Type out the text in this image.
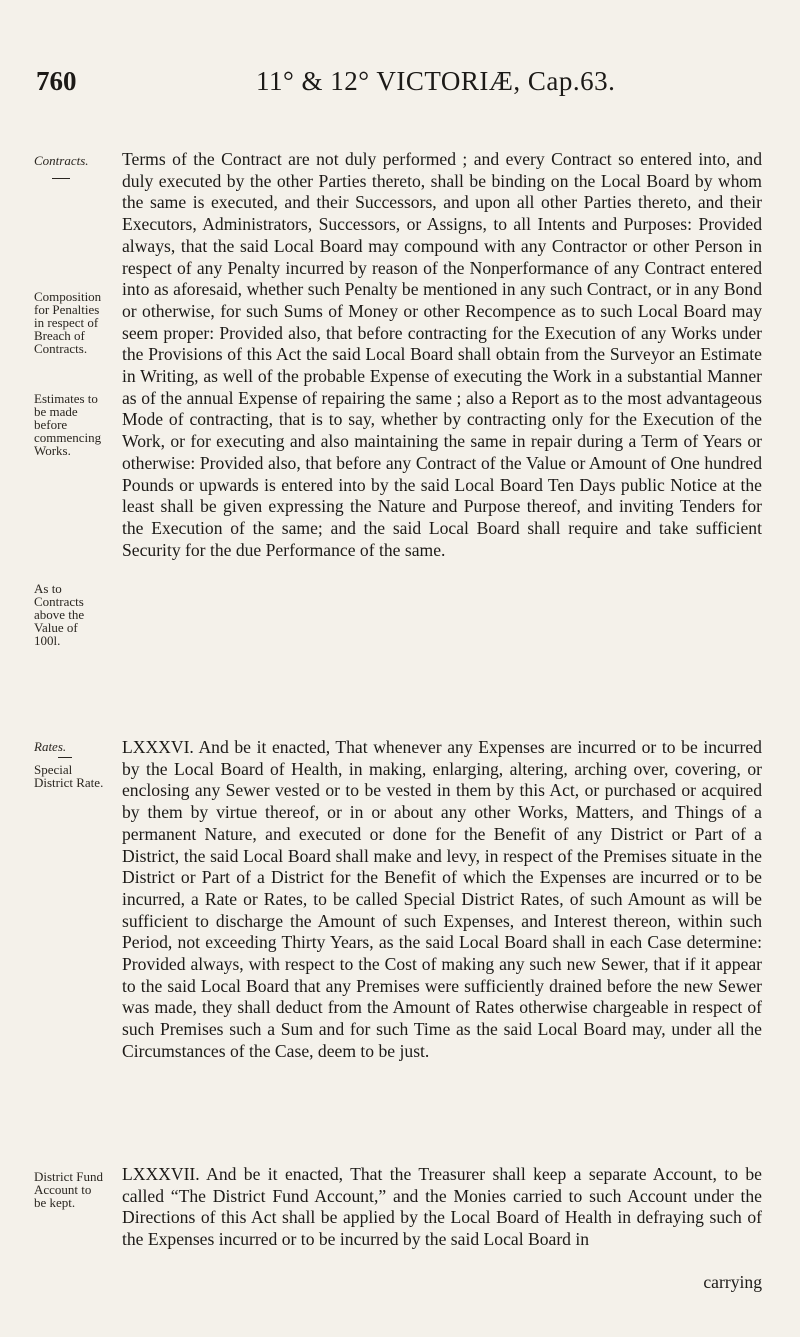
760	11° & 12° VICTORIÆ, Cap.63.
Contracts.
Composition for Penalties in respect of Breach of Contracts.
Estimates to be made before commencing Works.
As to Contracts above the Value of 100l.
Rates.
Special District Rate.
District Fund Account to be kept.

Terms of the Contract are not duly performed ; and every Contract so entered into, and duly executed by the other Parties thereto, shall be binding on the Local Board by whom the same is executed, and their Successors, and upon all other Parties thereto, and their Executors, Administrators, Successors, or Assigns, to all Intents and Purposes: Provided always, that the said Local Board may compound with any Contractor or other Person in respect of any Penalty incurred by reason of the Nonperformance of any Contract entered into as aforesaid, whether such Penalty be mentioned in any such Contract, or in any Bond or otherwise, for such Sums of Money or other Recompence as to such Local Board may seem proper: Provided also, that before contracting for the Execution of any Works under the Provisions of this Act the said Local Board shall obtain from the Surveyor an Estimate in Writing, as well of the probable Expense of executing the Work in a substantial Manner as of the annual Expense of repairing the same ; also a Report as to the most advantageous Mode of contracting, that is to say, whether by contracting only for the Execution of the Work, or for executing and also maintaining the same in repair during a Term of Years or otherwise: Provided also, that before any Contract of the Value or Amount of One hundred Pounds or upwards is entered into by the said Local Board Ten Days public Notice at the least shall be given expressing the Nature and Purpose thereof, and inviting Tenders for the Execution of the same; and the said Local Board shall require and take sufficient Security for the due Performance of the same.

LXXXVI. And be it enacted, That whenever any Expenses are incurred or to be incurred by the Local Board of Health, in making, enlarging, altering, arching over, covering, or enclosing any Sewer vested or to be vested in them by this Act, or purchased or acquired by them by virtue thereof, or in or about any other Works, Matters, and Things of a permanent Nature, and executed or done for the Benefit of any District or Part of a District, the said Local Board shall make and levy, in respect of the Premises situate in the District or Part of a District for the Benefit of which the Expenses are incurred or to be incurred, a Rate or Rates, to be called Special District Rates, of such Amount as will be sufficient to discharge the Amount of such Expenses, and Interest thereon, within such Period, not exceeding Thirty Years, as the said Local Board shall in each Case determine: Provided always, with respect to the Cost of making any such new Sewer, that if it appear to the said Local Board that any Premises were sufficiently drained before the new Sewer was made, they shall deduct from the Amount of Rates otherwise chargeable in respect of such Premises such a Sum and for such Time as the said Local Board may, under all the Circumstances of the Case, deem to be just.

LXXXVII. And be it enacted, That the Treasurer shall keep a separate Account, to be called “The District Fund Account,” and the Monies carried to such Account under the Directions of this Act shall be applied by the Local Board of Health in defraying such of the Expenses incurred or to be incurred by the said Local Board in

carrying
